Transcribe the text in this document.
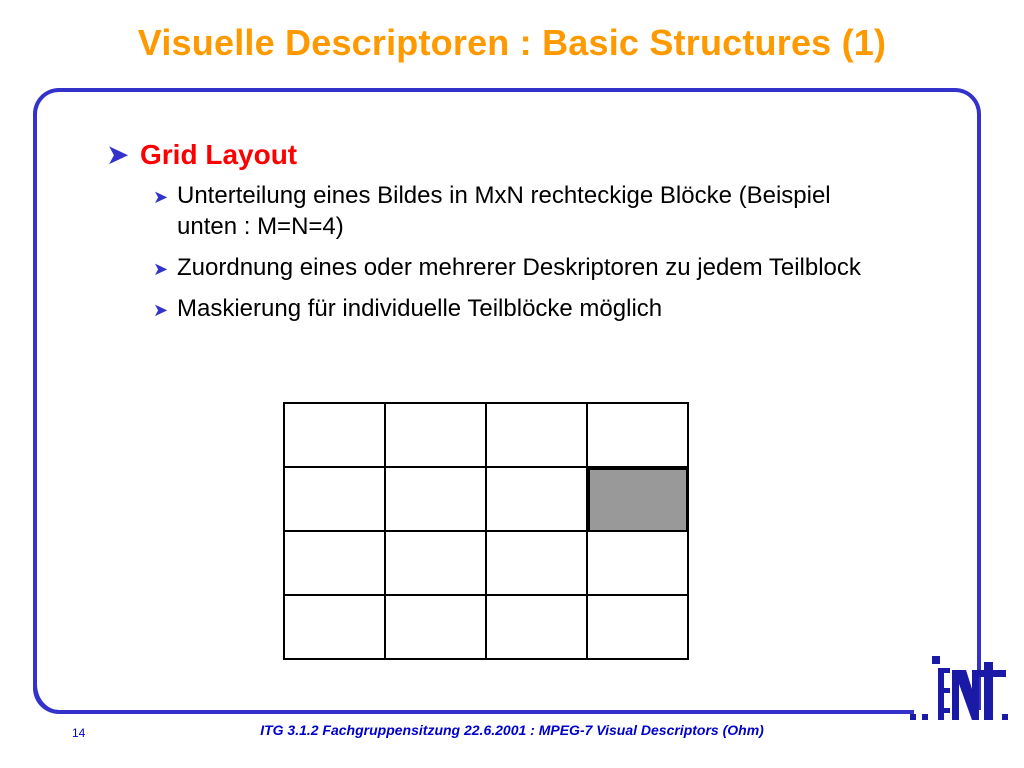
Visuelle Descriptoren : Basic Structures (1)
➤ Grid Layout
➤ Unterteilung eines Bildes in MxN rechteckige Blöcke (Beispiel unten : M=N=4)
➤ Zuordnung eines oder mehrerer Deskriptoren zu jedem Teilblock
➤ Maskierung für individuelle Teilblöcke möglich
14	ITG 3.1.2 Fachgruppensitzung 22.6.2001 : MPEG-7 Visual Descriptors (Ohm)
